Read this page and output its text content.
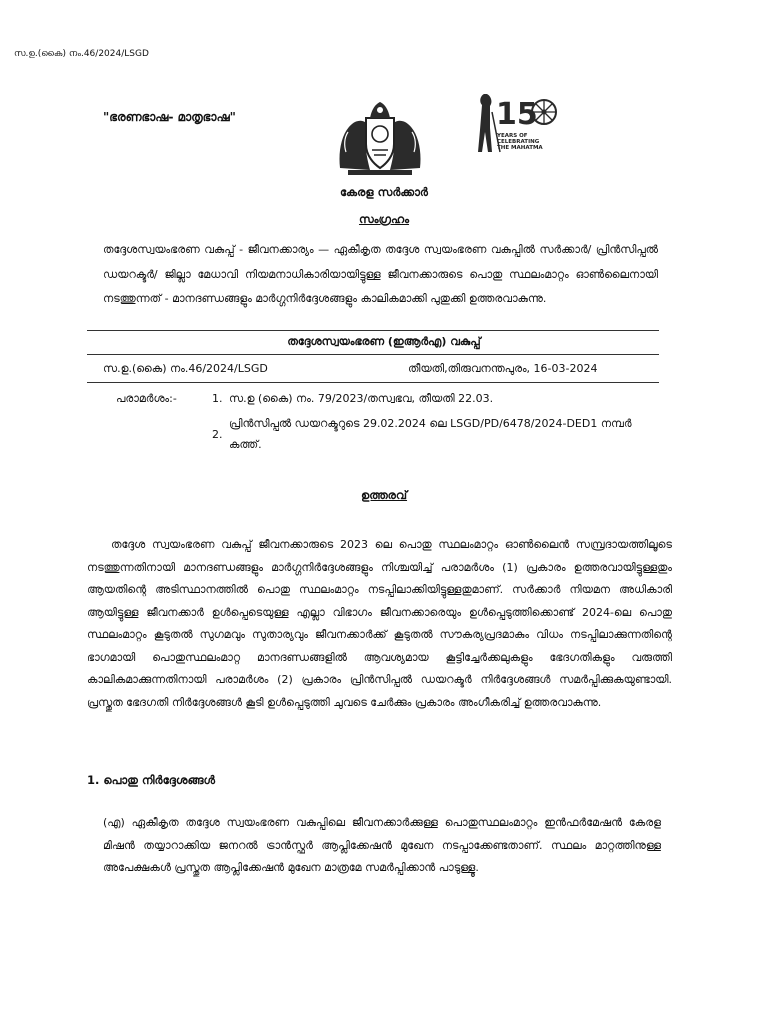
സ.ഉ.(കൈ) നം.46/2024/LSGD
"ഭരണഭാഷ- മാതൃഭാഷ"	15
YEARS OF
CELEBRATING
THE MAHATMA
കേരള സർക്കാർ
സംഗ്രഹം
തദ്ദേശസ്വയംഭരണ വകുപ്പ് - ജീവനക്കാര്യം — ഏകീകൃത തദ്ദേശ സ്വയംഭരണ വകുപ്പിൽ സർക്കാർ/ പ്രിൻസിപ്പൽ ഡയറക്ടർ/ ജില്ലാ മേധാവി നിയമനാധികാരിയായിട്ടുള്ള ജീവനക്കാരുടെ പൊതു സ്ഥലംമാറ്റം ഓൺലൈനായി നടത്തുന്നത് - മാനദണ്ഡങ്ങളും മാർഗ്ഗനിർദ്ദേശങ്ങളും കാലികമാക്കി പുതുക്കി ഉത്തരവാകുന്നു.
തദ്ദേശസ്വയംഭരണ (ഇആർഎ) വകുപ്പ്
സ.ഉ.(കൈ) നം.46/2024/LSGD	തീയതി,തിരുവനന്തപുരം, 16-03-2024
പരാമർശം:-	1. സ.ഉ (കൈ) നം. 79/2023/തസ്വഭവ, തീയതി 22.03.
2.
പ്രിൻസിപ്പൽ ഡയറക്ടറുടെ 29.02.2024 ലെ LSGD/PD/6478/2024-DED1 നമ്പർ കത്ത്.
ഉത്തരവ്
തദ്ദേശ സ്വയംഭരണ വകുപ്പ് ജീവനക്കാരുടെ 2023 ലെ പൊതു സ്ഥലംമാറ്റം ഓൺലൈൻ സമ്പ്രദായത്തിലൂടെ നടത്തുന്നതിനായി മാനദണ്ഡങ്ങളും മാർഗ്ഗനിർദ്ദേശങ്ങളും നിശ്ചയിച്ച് പരാമർശം (1) പ്രകാരം ഉത്തരവായിട്ടുള്ളതും ആയതിന്റെ അടിസ്ഥാനത്തിൽ പൊതു സ്ഥലംമാറ്റം നടപ്പിലാക്കിയിട്ടുള്ളതുമാണ്. സർക്കാർ നിയമന അധികാരി ആയിട്ടുള്ള ജീവനക്കാർ ഉൾപ്പെടെയുള്ള എല്ലാ വിഭാഗം ജീവനക്കാരെയും ഉൾപ്പെടുത്തിക്കൊണ്ട് 2024-ലെ പൊതു സ്ഥലംമാറ്റം കൂടുതൽ സുഗമവും സുതാര്യവും ജീവനക്കാർക്ക് കൂടുതൽ സൗകര്യപ്രദമാകും വിധം നടപ്പിലാക്കുന്നതിന്റെ ഭാഗമായി പൊതുസ്ഥലംമാറ്റ മാനദണ്ഡങ്ങളിൽ ആവശ്യമായ കൂട്ടിച്ചേർക്കലുകളും ഭേദഗതികളും വരുത്തി കാലികമാക്കുന്നതിനായി പരാമർശം (2) പ്രകാരം പ്രിൻസിപ്പൽ ഡയറക്ടർ നിർദ്ദേശങ്ങൾ സമർപ്പിക്കുകയുണ്ടായി. പ്രസ്തുത ഭേദഗതി നിർദ്ദേശങ്ങൾ കൂടി ഉൾപ്പെടുത്തി ചുവടെ ചേർക്കും പ്രകാരം അംഗീകരിച്ച് ഉത്തരവാകുന്നു.
1. പൊതു നിർദ്ദേശങ്ങൾ
(എ) ഏകീകൃത തദ്ദേശ സ്വയംഭരണ വകുപ്പിലെ ജീവനക്കാർക്കുള്ള പൊതുസ്ഥലംമാറ്റം ഇൻഫർമേഷൻ കേരള മിഷൻ തയ്യാറാക്കിയ ജനറൽ ട്രാൻസ്ഫർ ആപ്ലിക്കേഷൻ മുഖേന നടപ്പാക്കേണ്ടതാണ്. സ്ഥലം മാറ്റത്തിനുള്ള അപേക്ഷകൾ പ്രസ്തുത ആപ്ലിക്കേഷൻ മുഖേന മാത്രമേ സമർപ്പിക്കാൻ പാടുള്ളൂ.
